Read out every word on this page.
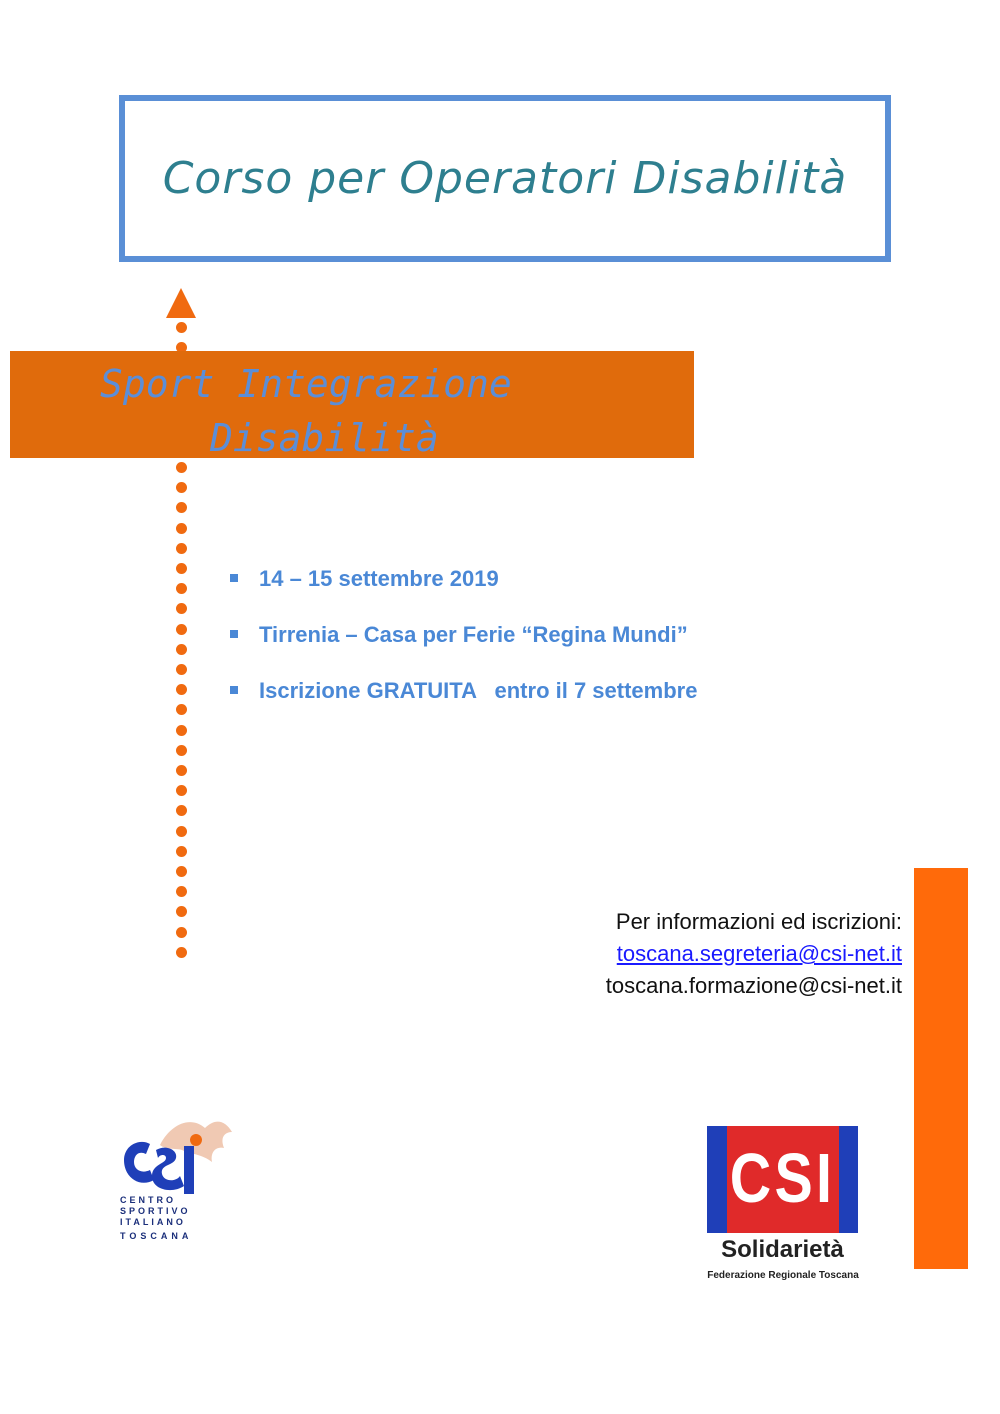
Corso per Operatori Disabilità
Sport Integrazione
Disabilità
14 – 15 settembre 2019
Tirrenia – Casa per Ferie “Regina Mundi”
Iscrizione GRATUITA   entro il 7 settembre
Per informazioni ed iscrizioni:
toscana.segreteria@csi-net.it
toscana.formazione@csi-net.it
CENTRO
SPORTIVO
ITALIANO
TOSCANA
CSI
Solidarietà
Federazione Regionale Toscana
